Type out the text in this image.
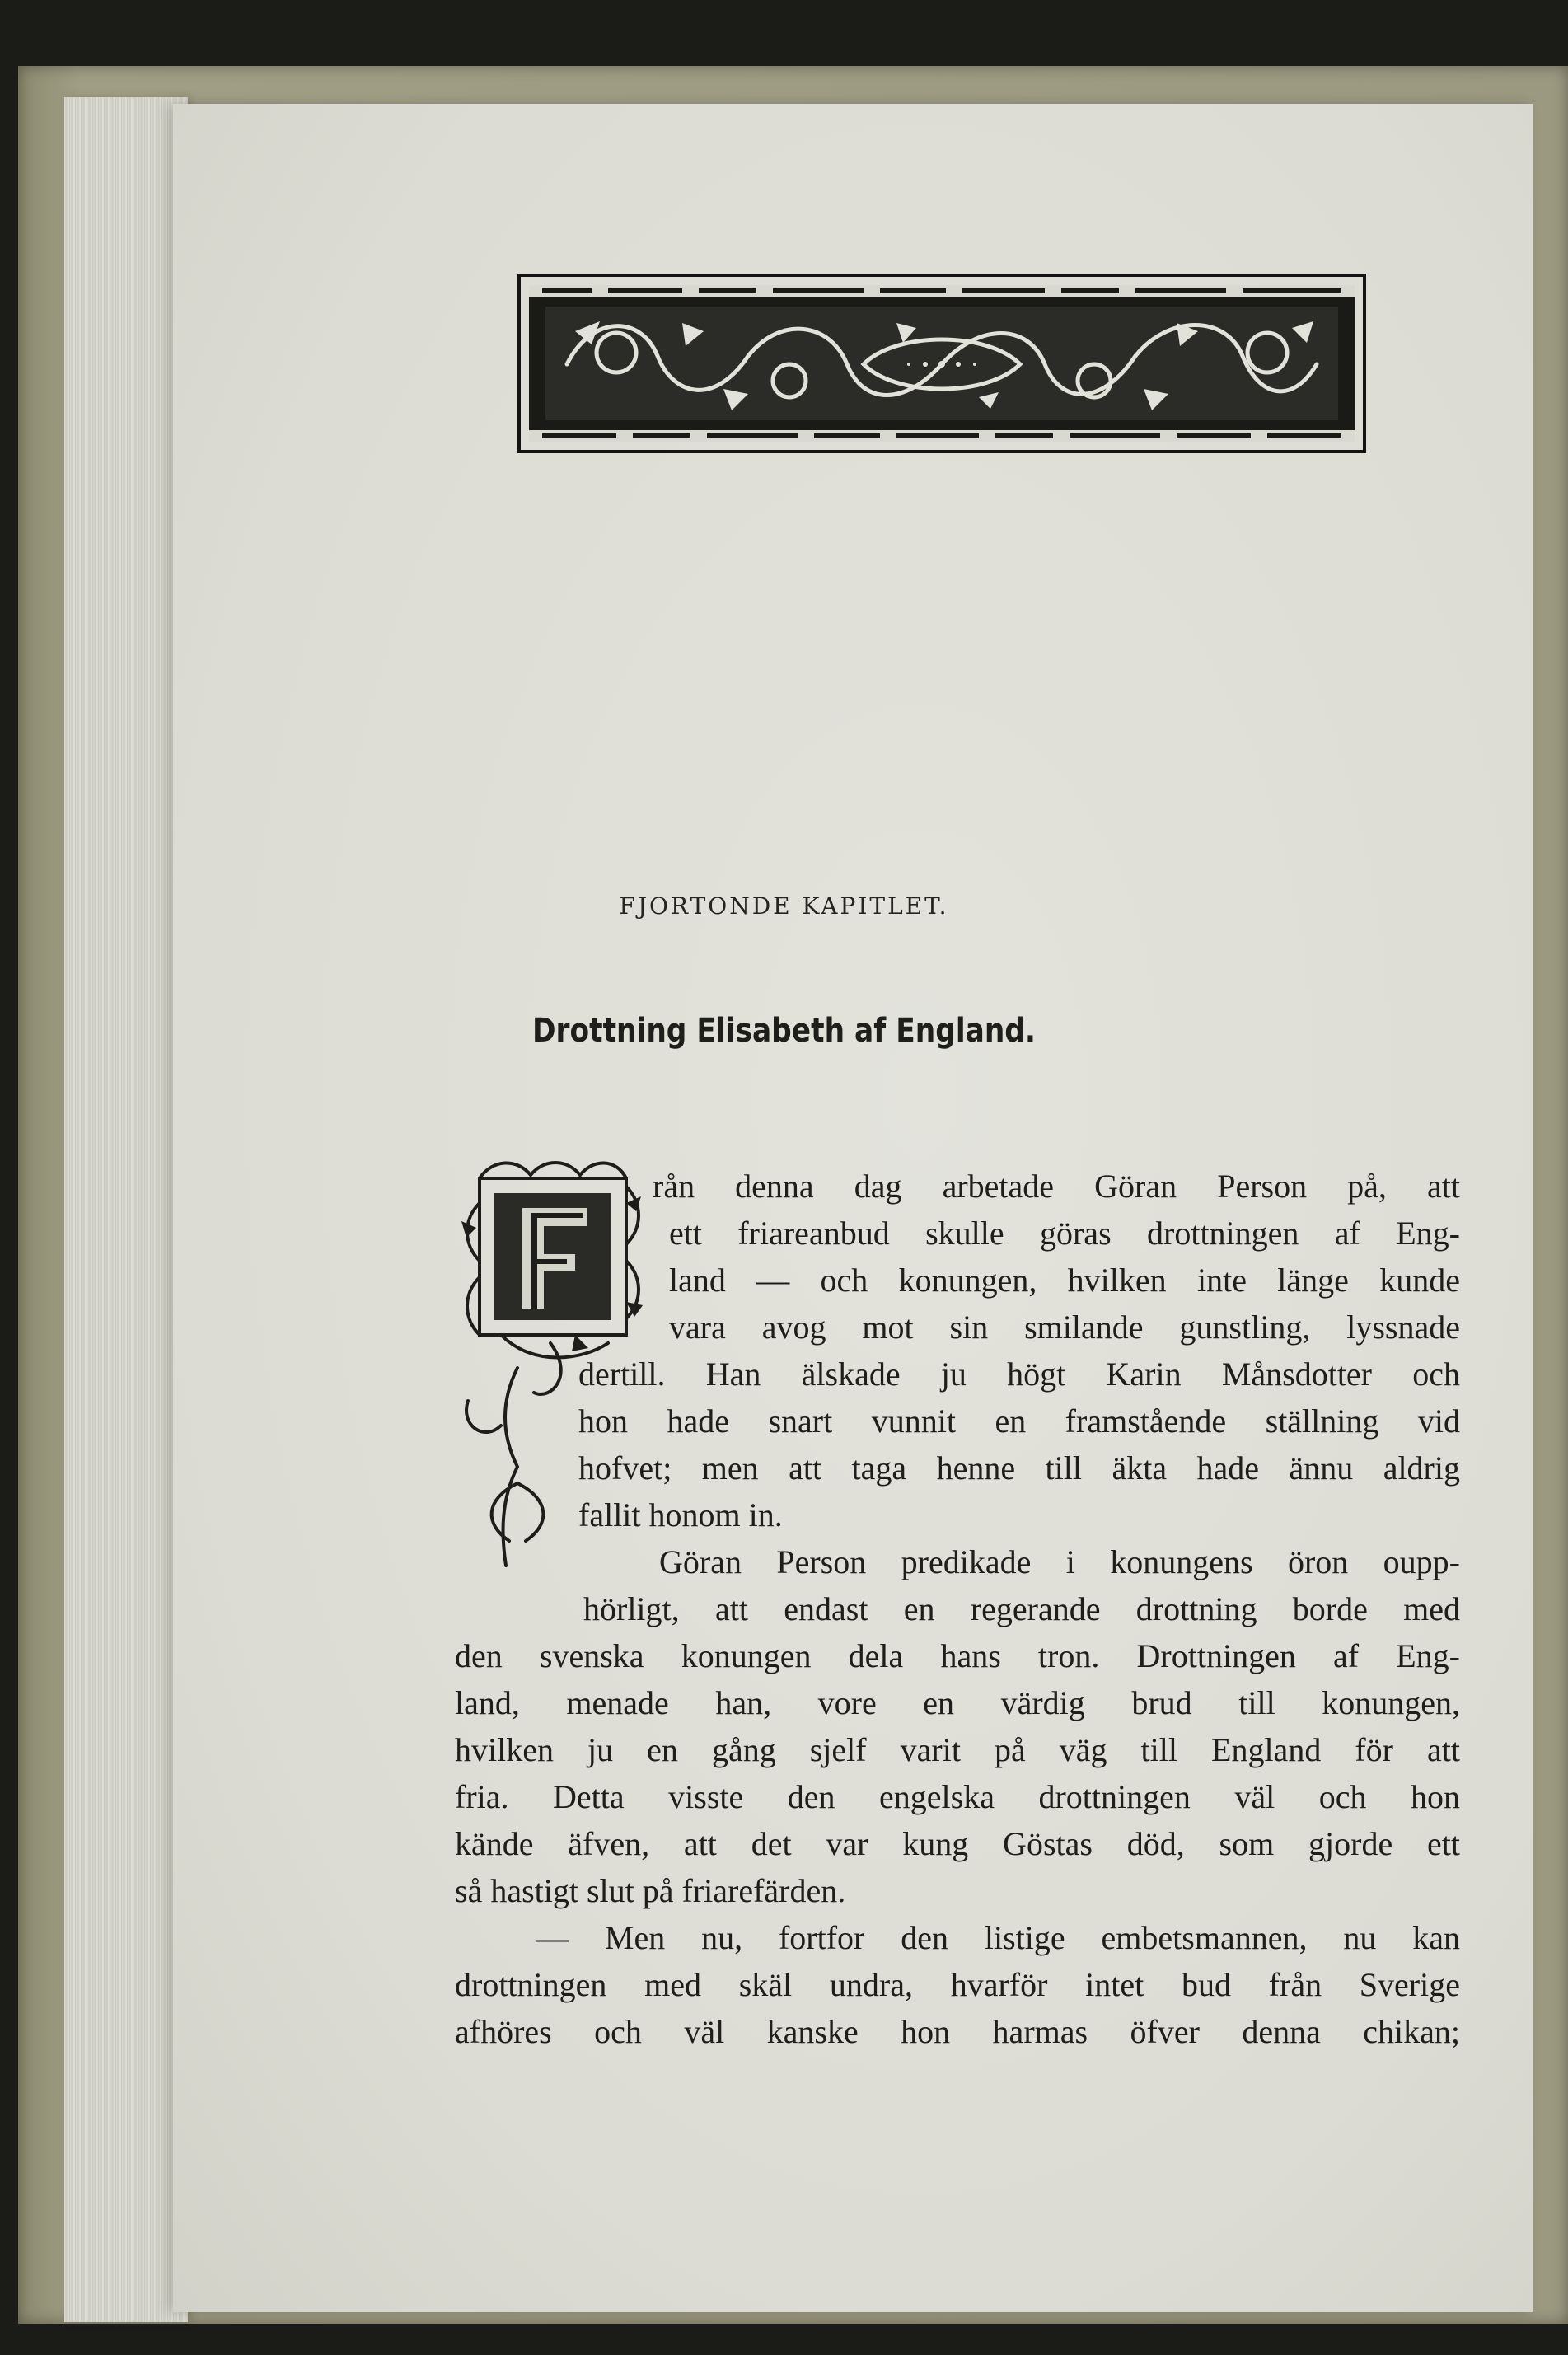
FJORTONDE KAPITLET.
Drottning Elisabeth af England.
rån denna dag arbetade Göran Person på, att
ett friareanbud skulle göras drottningen af Eng-
land — och konungen, hvilken inte länge kunde
vara avog mot sin smilande gunstling, lyssnade
dertill. Han älskade ju högt Karin Månsdotter och
hon hade snart vunnit en framstående ställning vid
hofvet; men att taga henne till äkta hade ännu aldrig
fallit honom in.
Göran Person predikade i konungens öron oupp-
hörligt, att endast en regerande drottning borde med
den svenska konungen dela hans tron. Drottningen af Eng-
land, menade han, vore en värdig brud till konungen,
hvilken ju en gång sjelf varit på väg till England för att
fria. Detta visste den engelska drottningen väl och hon
kände äfven, att det var kung Göstas död, som gjorde ett
så hastigt slut på friarefärden.
— Men nu, fortfor den listige embetsmannen, nu kan
drottningen med skäl undra, hvarför intet bud från Sverige
afhöres och väl kanske hon harmas öfver denna chikan;
